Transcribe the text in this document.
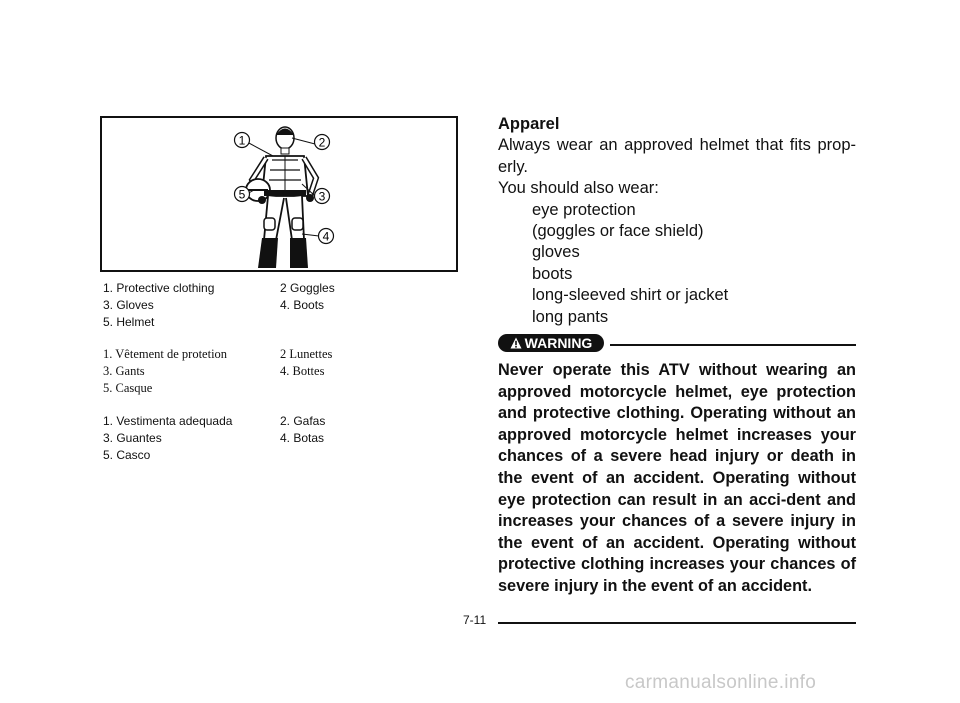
1	2
3
4
5
1. Protective clothing	2 Goggles
3. Gloves	4. Boots
5. Helmet
1. Vêtement de protetion	2 Lunettes
3. Gants	4. Bottes
5. Casque
1. Vestimenta adequada	2. Gafas
3. Guantes	4. Botas
5. Casco
Apparel
Always wear an approved helmet that fits prop-erly.
You should also wear:
eye protection
(goggles or face shield)
gloves
boots
long-sleeved shirt or jacket
long pants
WARNING
Never operate this ATV without wearing an approved motorcycle helmet, eye protection and protective clothing. Operating without an approved motorcycle helmet increases your chances of a severe head injury or death in the event of an accident. Operating without eye protection can result in an acci-dent and increases your chances of a severe injury in the event of an accident. Operating without protective clothing increases your chances of severe injury in the event of an accident.
7-11
carmanualsonline.info
